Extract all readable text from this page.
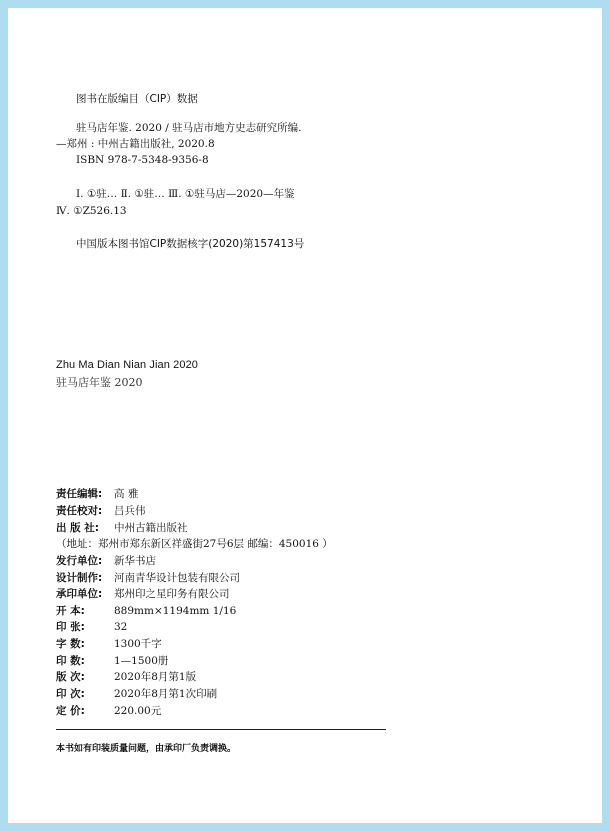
图书在版编目（CIP）数据
驻马店年鉴. 2020 / 驻马店市地方史志研究所编.
—郑州 : 中州古籍出版社, 2020.8
ISBN 978-7-5348-9356-8
Ⅰ. ①驻… Ⅱ. ①驻… Ⅲ. ①驻马店—2020—年鉴
Ⅳ. ①Z526.13
中国版本图书馆CIP数据核字(2020)第157413号
Zhu Ma Dian Nian Jian 2020
驻马店年鉴 2020
责任编辑: 高 雅
责任校对: 吕兵伟
出 版 社: 中州古籍出版社
（地址：郑州市郑东新区祥盛街27号6层 邮编：450016 ）
发行单位: 新华书店
设计制作: 河南青华设计包装有限公司
承印单位: 郑州印之星印务有限公司
开 本:	889mm×1194mm 1/16
印 张:	32
字 数:	1300千字
印 数:	1—1500册
版 次:	2020年8月第1版
印 次:	2020年8月第1次印刷
定 价:	220.00元
本书如有印装质量问题，由承印厂负责调换。
